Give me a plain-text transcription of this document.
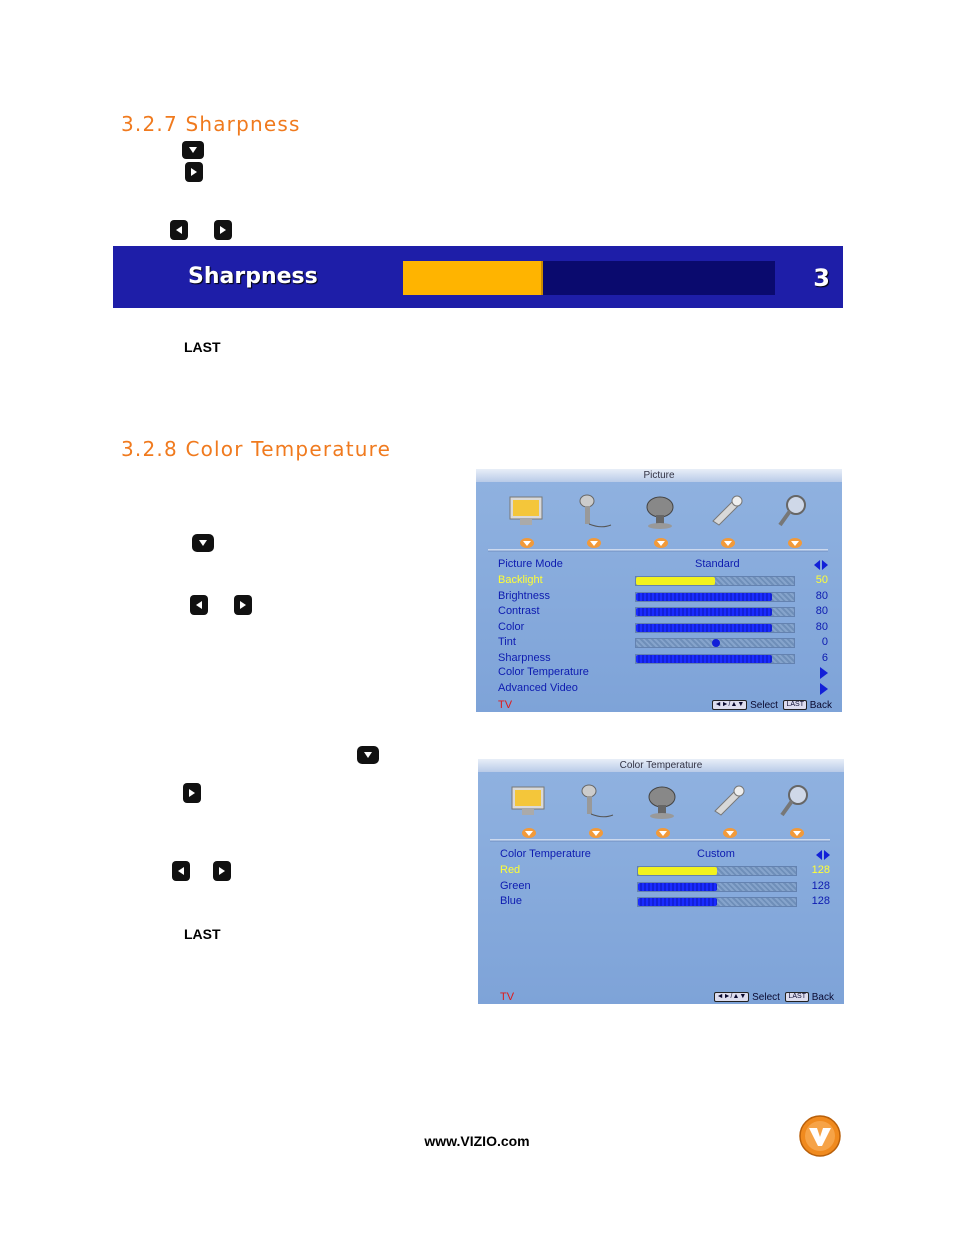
3.2.7 Sharpness
Sharpness	3
LAST
3.2.8 Color Temperature
LAST
Picture
Picture Mode	Standard
Backlight	50
Brightness	80
Contrast	80
Color	80
Tint	0
Sharpness	6
Color Temperature
Advanced Video
TV	◄►/▲▼ Select LAST Back
Color Temperature
Color Temperature	Custom
Red	128
Green	128
Blue	128
TV	◄►/▲▼ Select LAST Back
www.VIZIO.com
